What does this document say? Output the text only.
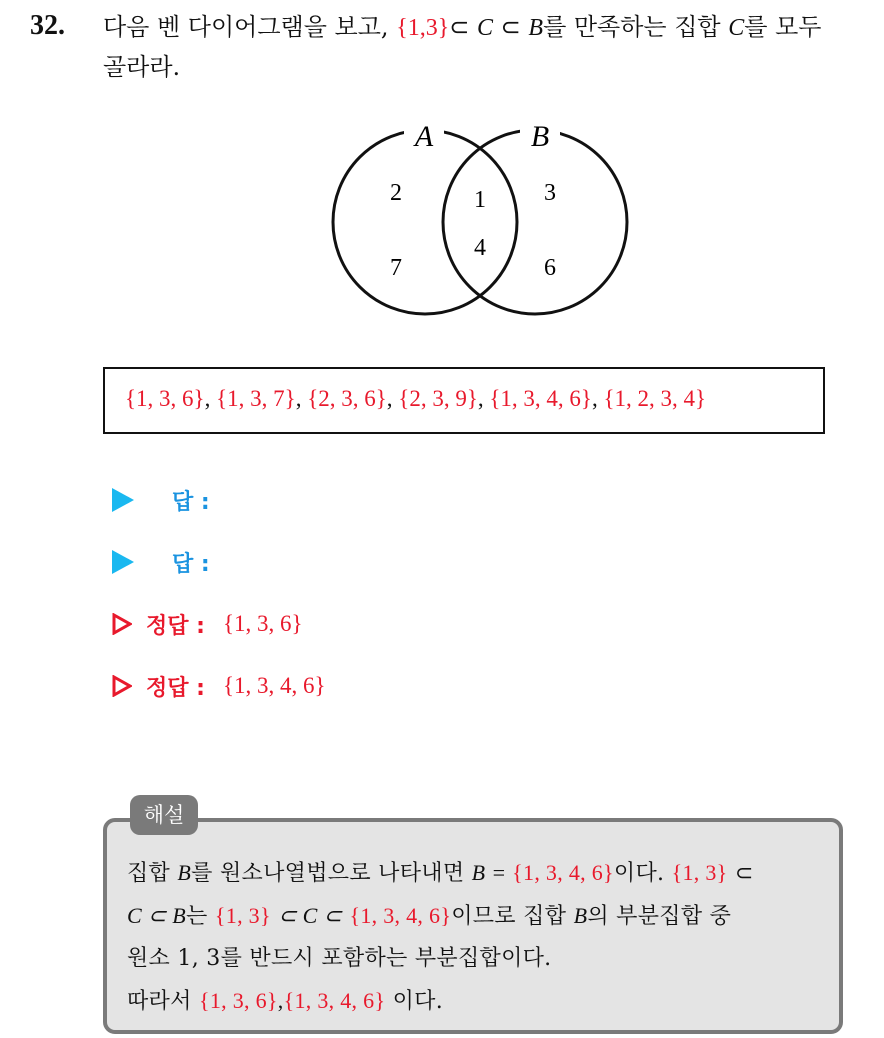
32. 다음 벤 다이어그램을 보고, {1,3}⊂ C ⊂ B를 만족하는 집합 C를 모두
골라라.
A	B
2
7
1
4
3
6
{1, 3, 6}, {1, 3, 7}, {2, 3, 6}, {2, 3, 9}, {1, 3, 4, 6}, {1, 2, 3, 4}
답 :
답 :
정답 : {1, 3, 6}
정답 : {1, 3, 4, 6}
집합 B를 원소나열법으로 나타내면 B = {1, 3, 4, 6}이다. {1, 3} ⊂
C ⊂ B는 {1, 3} ⊂ C ⊂ {1, 3, 4, 6}이므로 집합 B의 부분집합 중
원소 1, 3를 반드시 포함하는 부분집합이다.
따라서 {1, 3, 6},{1, 3, 4, 6} 이다.
해설
